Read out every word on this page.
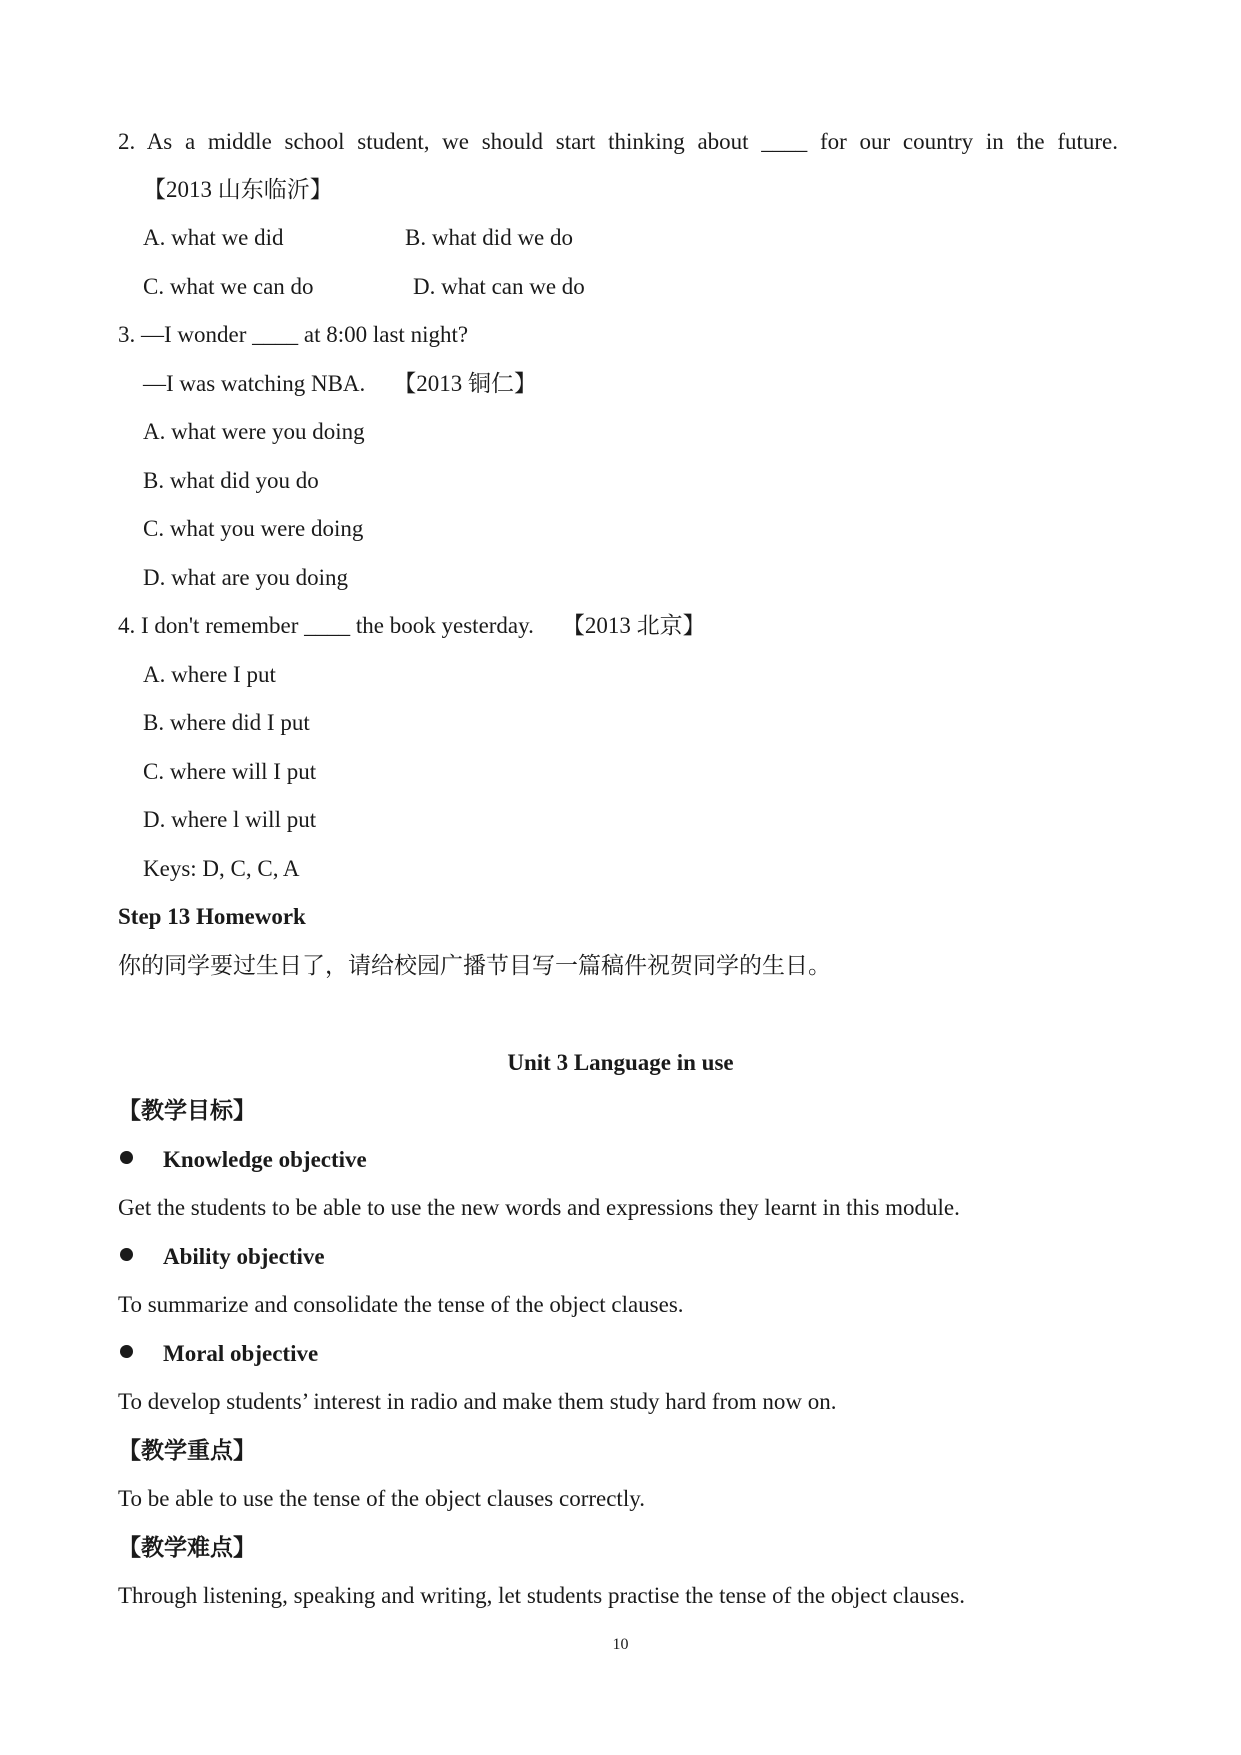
2. As a middle school student, we should start thinking about ____ for our country in the future.
【2013 山东临沂】
A. what we did	B. what did we do
C. what we can do	D. what can we do
3. —I wonder ____ at 8:00 last night?
—I was watching NBA. 【2013 铜仁】
A. what were you doing
B. what did you do
C. what you were doing
D. what are you doing
4. I don't remember ____ the book yesterday. 【2013 北京】
A. where I put
B. where did I put
C. where will I put
D. where l will put
Keys: D, C, C, A
Step 13 Homework
你的同学要过生日了，请给校园广播节目写一篇稿件祝贺同学的生日。
Unit 3 Language in use
【教学目标】
Knowledge objective
Get the students to be able to use the new words and expressions they learnt in this module.
Ability objective
To summarize and consolidate the tense of the object clauses.
Moral objective
To develop students’ interest in radio and make them study hard from now on.
【教学重点】
To be able to use the tense of the object clauses correctly.
【教学难点】
Through listening, speaking and writing, let students practise the tense of the object clauses.
10
